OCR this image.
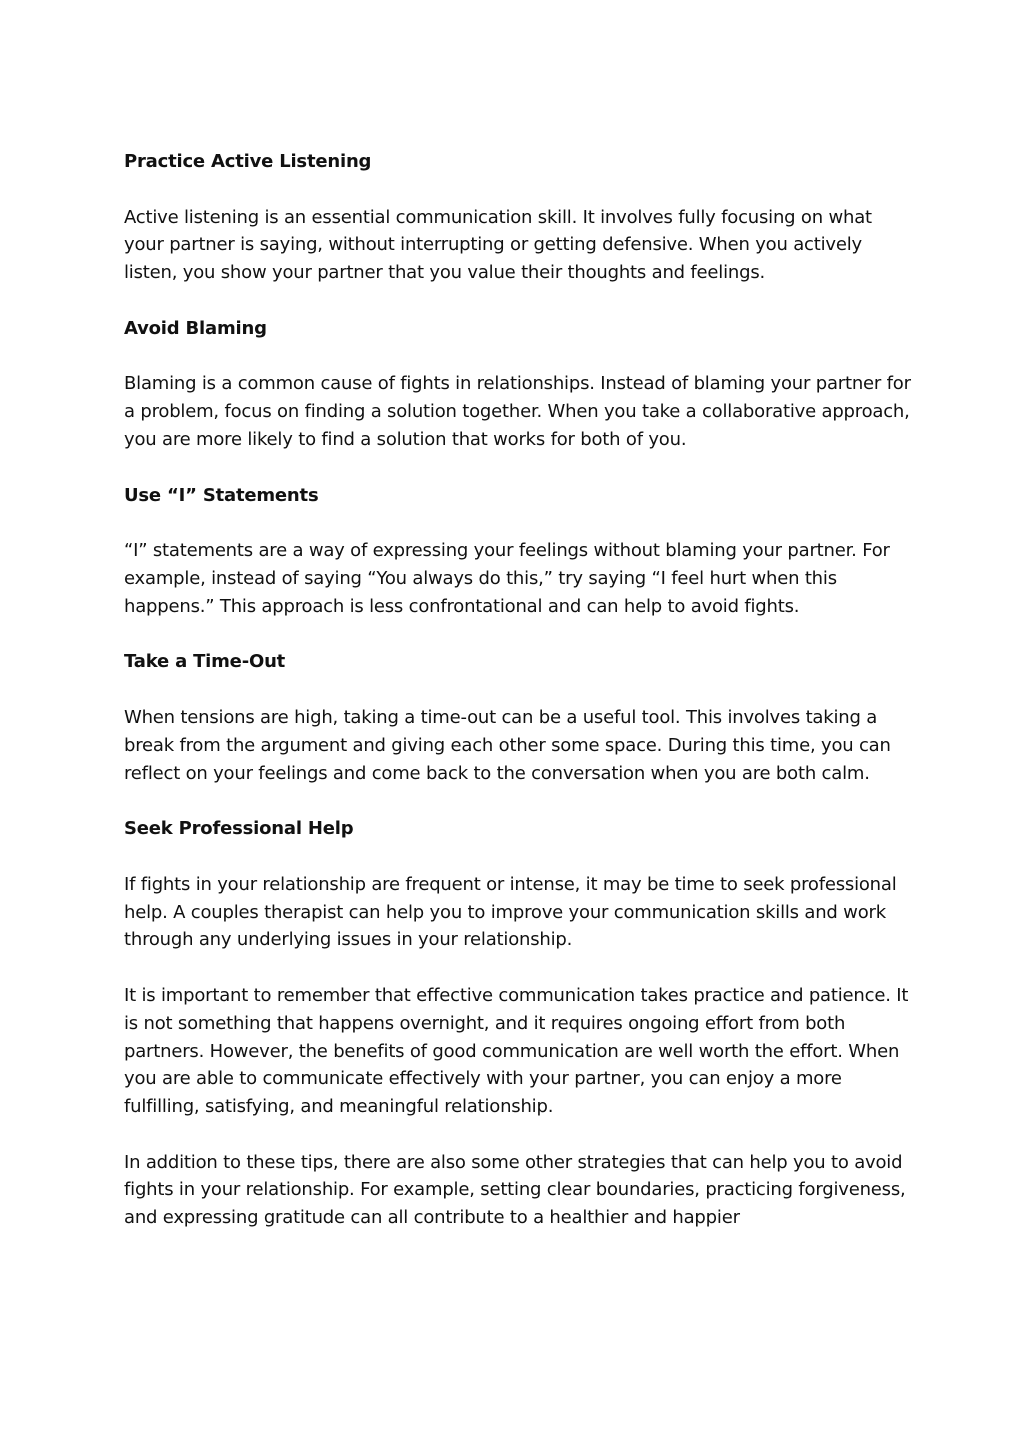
Practice Active Listening

Active listening is an essential communication skill. It involves fully focusing on what your partner is saying, without interrupting or getting defensive. When you actively listen, you show your partner that you value their thoughts and feelings.

Avoid Blaming

Blaming is a common cause of fights in relationships. Instead of blaming your partner for a problem, focus on finding a solution together. When you take a collaborative approach, you are more likely to find a solution that works for both of you.

Use “I” Statements

“I” statements are a way of expressing your feelings without blaming your partner. For example, instead of saying “You always do this,” try saying “I feel hurt when this happens.” This approach is less confrontational and can help to avoid fights.

Take a Time-Out

When tensions are high, taking a time-out can be a useful tool. This involves taking a break from the argument and giving each other some space. During this time, you can reflect on your feelings and come back to the conversation when you are both calm.

Seek Professional Help

If fights in your relationship are frequent or intense, it may be time to seek professional help. A couples therapist can help you to improve your communication skills and work through any underlying issues in your relationship.

It is important to remember that effective communication takes practice and patience. It is not something that happens overnight, and it requires ongoing effort from both partners. However, the benefits of good communication are well worth the effort. When you are able to communicate effectively with your partner, you can enjoy a more fulfilling, satisfying, and meaningful relationship.

In addition to these tips, there are also some other strategies that can help you to avoid fights in your relationship. For example, setting clear boundaries, practicing forgiveness, and expressing gratitude can all contribute to a healthier and happier
